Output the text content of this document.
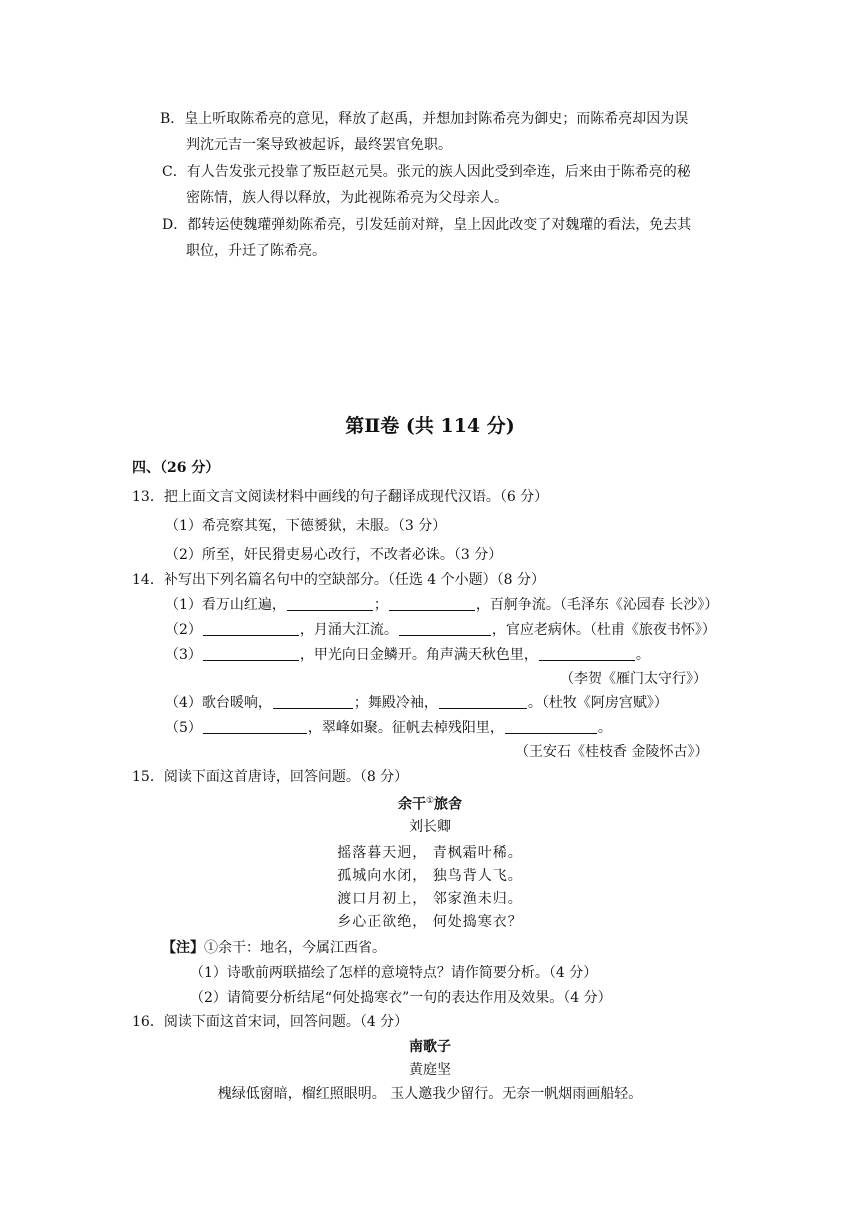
B．皇上听取陈希亮的意见，释放了赵禹，并想加封陈希亮为御史；而陈希亮却因为误
判沈元吉一案导致被起诉，最终罢官免职。
C．有人告发张元投靠了叛臣赵元昊。张元的族人因此受到牵连，后来由于陈希亮的秘
密陈情，族人得以释放，为此视陈希亮为父母亲人。
D．都转运使魏瓘弹劾陈希亮，引发廷前对辩，皇上因此改变了对魏瓘的看法，免去其
职位，升迁了陈希亮。
第Ⅱ卷 (共 114 分)
四、（26 分）
13．把上面文言文阅读材料中画线的句子翻译成现代汉语。（6 分）
（1）希亮察其冤，下德赟狱，未服。（3 分）
（2）所至，奸民猾吏易心改行，不改者必诛。（3 分）
14．补写出下列名篇名句中的空缺部分。（任选 4 个小题）（8 分）
（1）看万山红遍，	；	，百舸争流。（毛泽东《沁园春 长沙》）
（2）	，月涌大江流。	，官应老病休。（杜甫《旅夜书怀》）
（3）	，甲光向日金鳞开。角声满天秋色里，	。
（李贺《雁门太守行》）
（4）歌台暖响，	；舞殿冷袖，	。（杜牧《阿房宫赋》）
（5）	，翠峰如聚。征帆去棹残阳里，	。
（王安石《桂枝香 金陵怀古》）
15．阅读下面这首唐诗，回答问题。（8 分）
余干①旅舍
刘长卿
摇落暮天迥， 青枫霜叶稀。
孤城向水闭， 独鸟背人飞。
渡口月初上， 邻家渔未归。
乡心正欲绝， 何处捣寒衣？
【注】①余干：地名，今属江西省。
（1）诗歌前两联描绘了怎样的意境特点？请作简要分析。（4 分）
（2）请简要分析结尾“何处捣寒衣”一句的表达作用及效果。（4 分）
16．阅读下面这首宋词，回答问题。（4 分）
南歌子
黄庭坚
槐绿低窗暗，榴红照眼明。 玉人邀我少留行。无奈一帆烟雨画船轻。
